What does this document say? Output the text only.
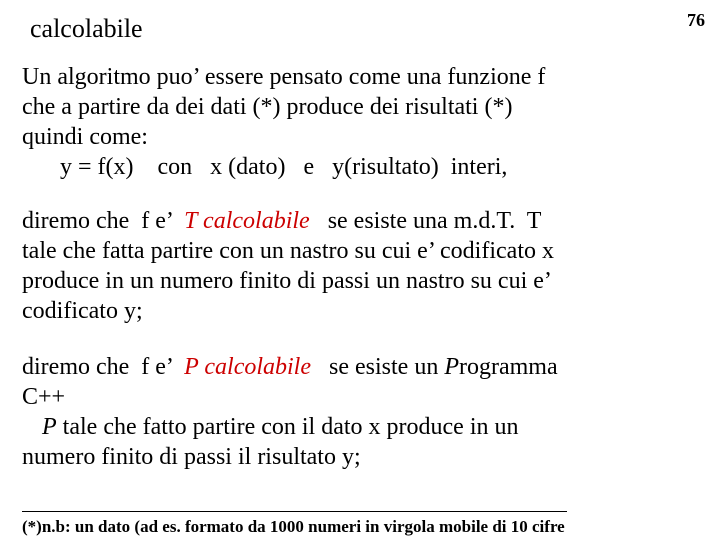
calcolabile	76
Un algoritmo puo’ essere pensato come una funzione f
che a partire da dei dati (*) produce dei risultati (*)
quindi come:
y = f(x)    con   x (dato)   e   y(risultato)  interi,
diremo che  f e’  T calcolabile   se esiste una m.d.T.  T
tale che fatta partire con un nastro su cui e’ codificato x
produce in un numero finito di passi un nastro su cui e’
codificato y;
diremo che  f e’  P calcolabile   se esiste un Programma
C++
P tale che fatto partire con il dato x produce in un
numero finito di passi il risultato y;
(*)n.b: un dato (ad es. formato da 1000 numeri in virgola mobile di 10 cifre
